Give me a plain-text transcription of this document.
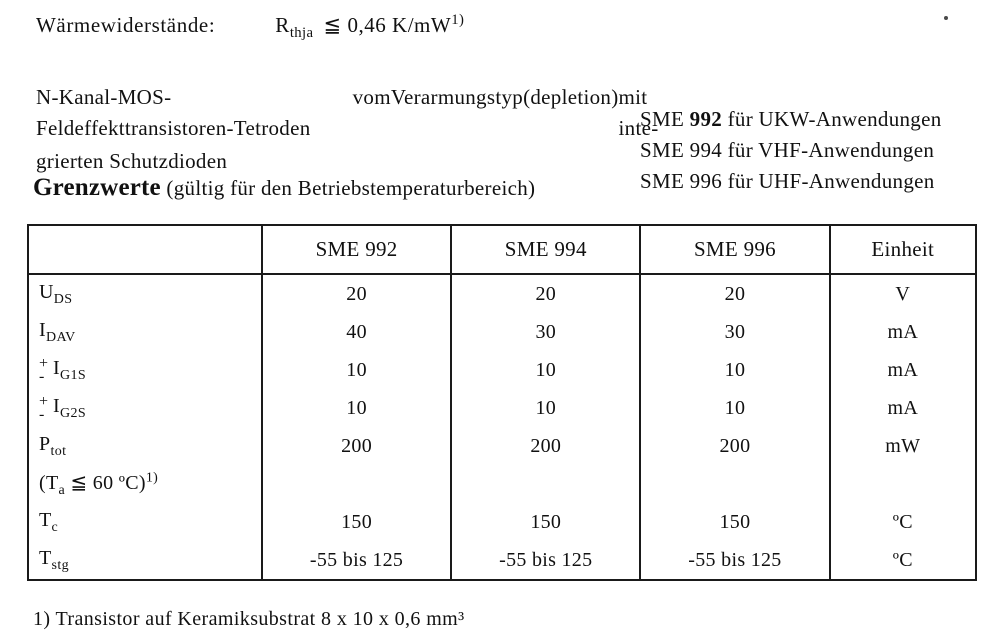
Wärmewiderstände:	$R_{thja}$ ≦ 0,46 $K/mW^{1)}$
N-Kanal-MOS-Feldeffekttransistoren-Tetroden
vom Verarmungstyp (depletion) mit inte-
grierten Schutzdioden
SME 992 für UKW-Anwendungen
SME 994 für VHF-Anwendungen
SME 996 für UHF-Anwendungen
Grenzwerte (gültig für den Betriebstemperaturbereich)
	SME 992	SME 994	SME 996	Einheit
$U_{DS}$	20	20	20	V
$I_{DAV}$	40	30	30	mA

+
- $I_{G1S}$	10	10	10	mA

+
- $I_{G2S}$	10	10	10	mA
$P_{tot}$	200	200	200	mW
($T_a$ ≦ 60 ºC)$^{1)}$				
$T_c$	150	150	150	ºC
$T_{stg}$	-55 bis 125	-55 bis 125	-55 bis 125	ºC
1) Transistor auf Keramiksubstrat 8 x 10 x 0,6 mm³
